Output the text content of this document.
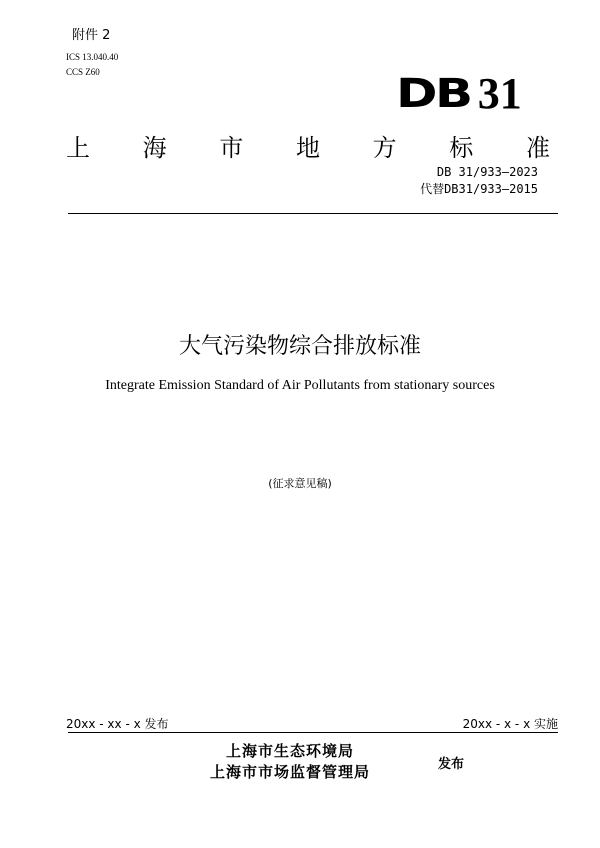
附件 2
ICS 13.040.40
CCS Z60	DB 31
上 海 市 地 方 标 准
DB 31/933—2023
代替DB31/933—2015
大气污染物综合排放标准
Integrate Emission Standard of Air Pollutants from stationary sources
(征求意见稿)
20xx - xx - x 发布	20xx - x - x 实施
上海市生态环境局
上海市市场监督管理局	发布
